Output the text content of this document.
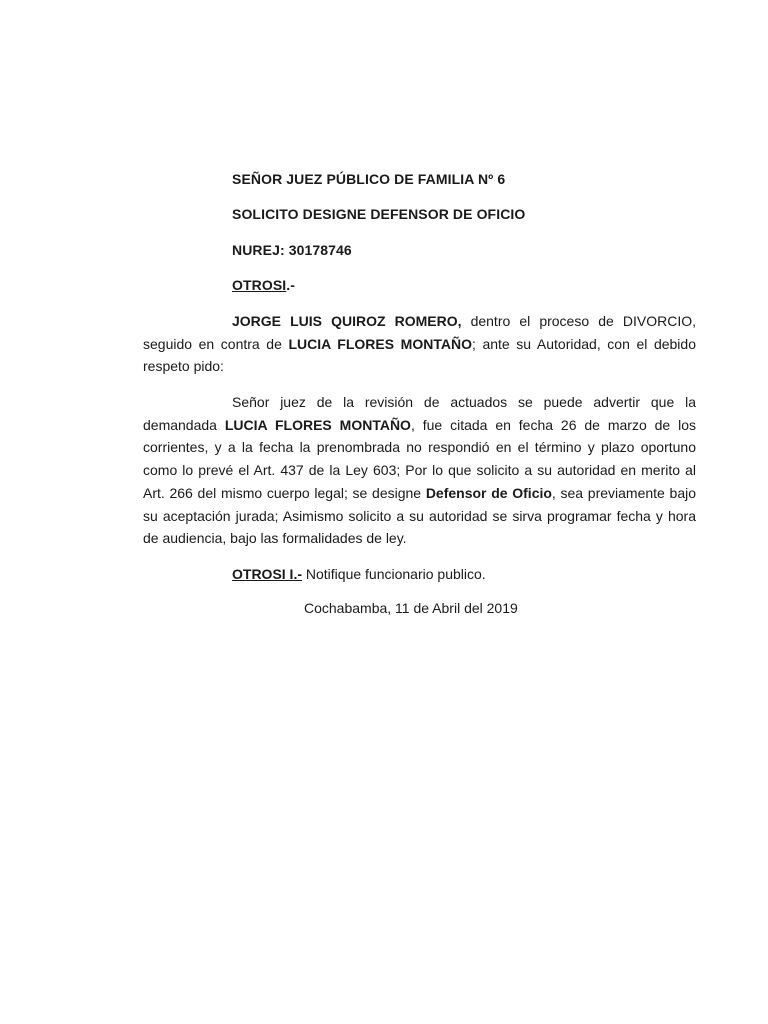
SEÑOR JUEZ PÚBLICO DE FAMILIA Nº 6
SOLICITO DESIGNE DEFENSOR DE OFICIO
NUREJ: 30178746
OTROSI.-
JORGE LUIS QUIROZ ROMERO, dentro el proceso de DIVORCIO, seguido en contra de LUCIA FLORES MONTAÑO; ante su Autoridad, con el debido respeto pido:
Señor juez de la revisión de actuados se puede advertir que la demandada LUCIA FLORES MONTAÑO, fue citada en fecha 26 de marzo de los corrientes, y a la fecha la prenombrada no respondió en el término y plazo oportuno como lo prevé el Art. 437 de la Ley 603; Por lo que solicito a su autoridad en merito al Art. 266 del mismo cuerpo legal; se designe Defensor de Oficio, sea previamente bajo su aceptación jurada; Asimismo solicito a su autoridad se sirva programar fecha y hora de audiencia, bajo las formalidades de ley.
OTROSI I.- Notifique funcionario publico.
Cochabamba, 11 de Abril del 2019
